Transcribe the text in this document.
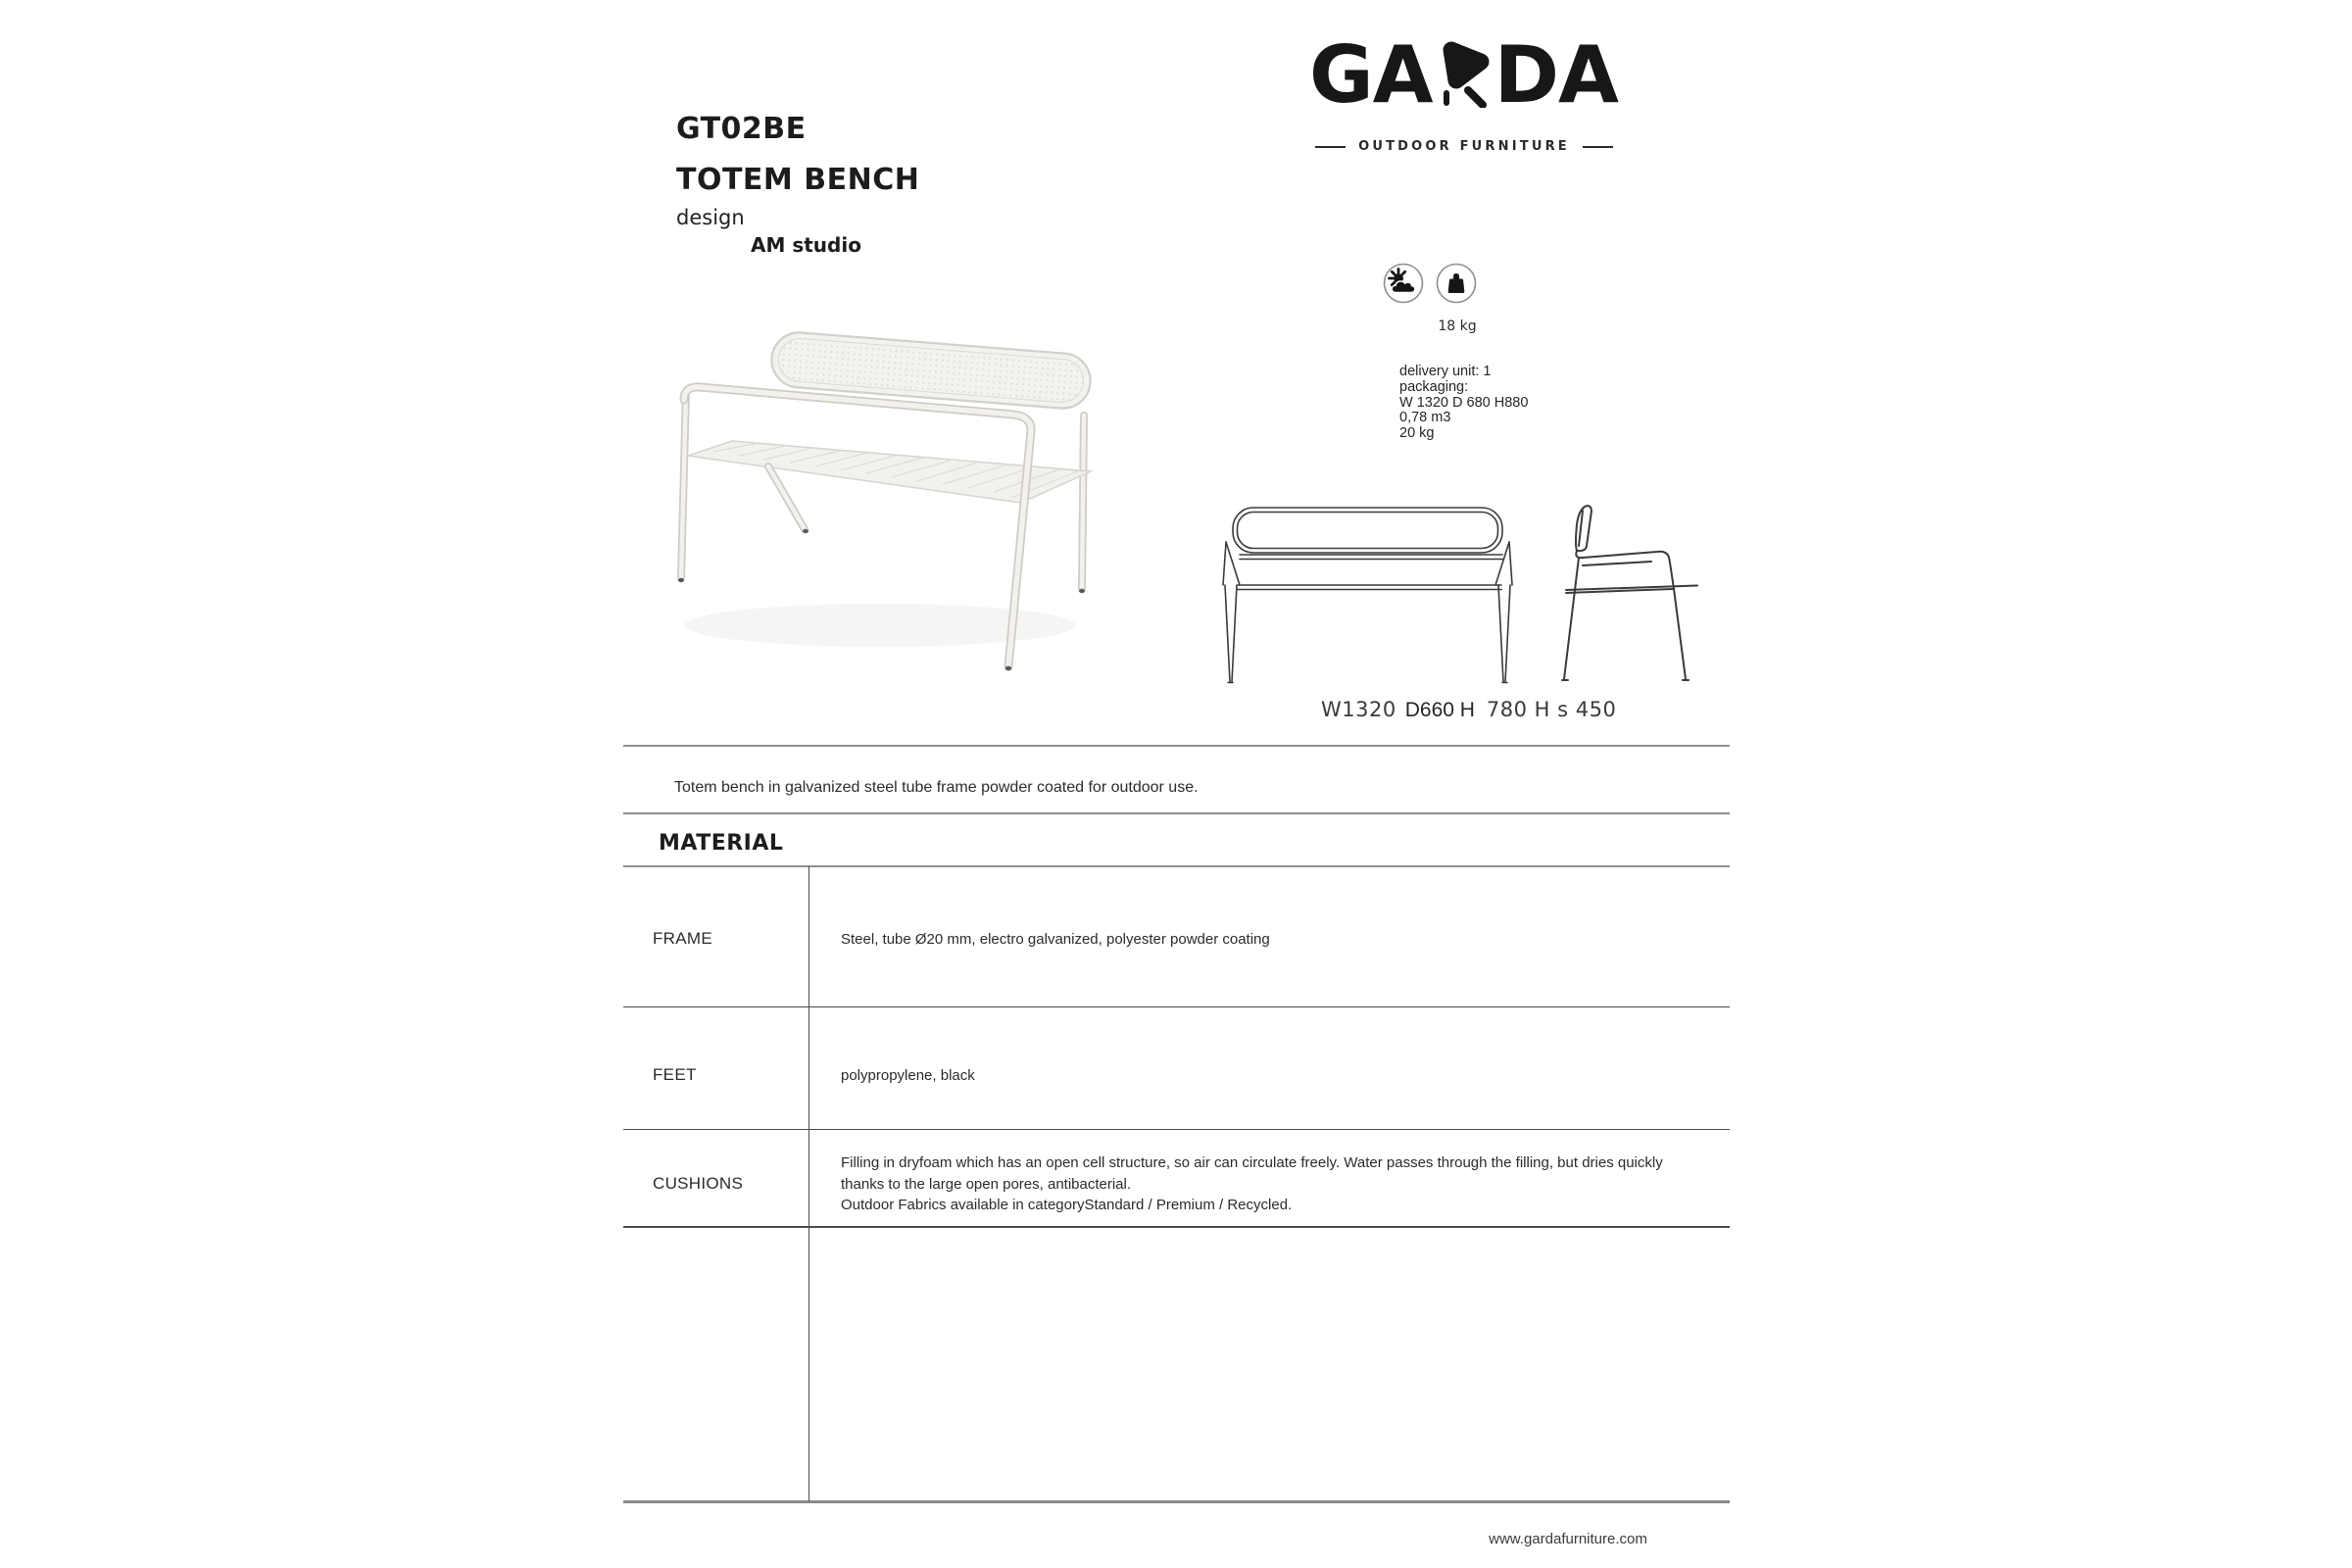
GT02BE
TOTEM BENCH
design
AM studio
GA DA
OUTDOOR FURNITURE
18 kg
delivery unit: 1
packaging:
W 1320 D 680 H880
0,78 m3
20 kg
W1320 D660 H 780 H s 450
Totem bench in galvanized steel tube frame powder coated for outdoor use.
MATERIAL
FRAME	Steel, tube Ø20 mm, electro galvanized, polyester powder coating
FEET	polypropylene, black
CUSHIONS
Filling in dryfoam which has an open cell structure, so air can circulate freely. Water passes through the filling, but dries quickly thanks to the large open pores, antibacterial.
Outdoor Fabrics available in categoryStandard / Premium / Recycled.
www.gardafurniture.com
